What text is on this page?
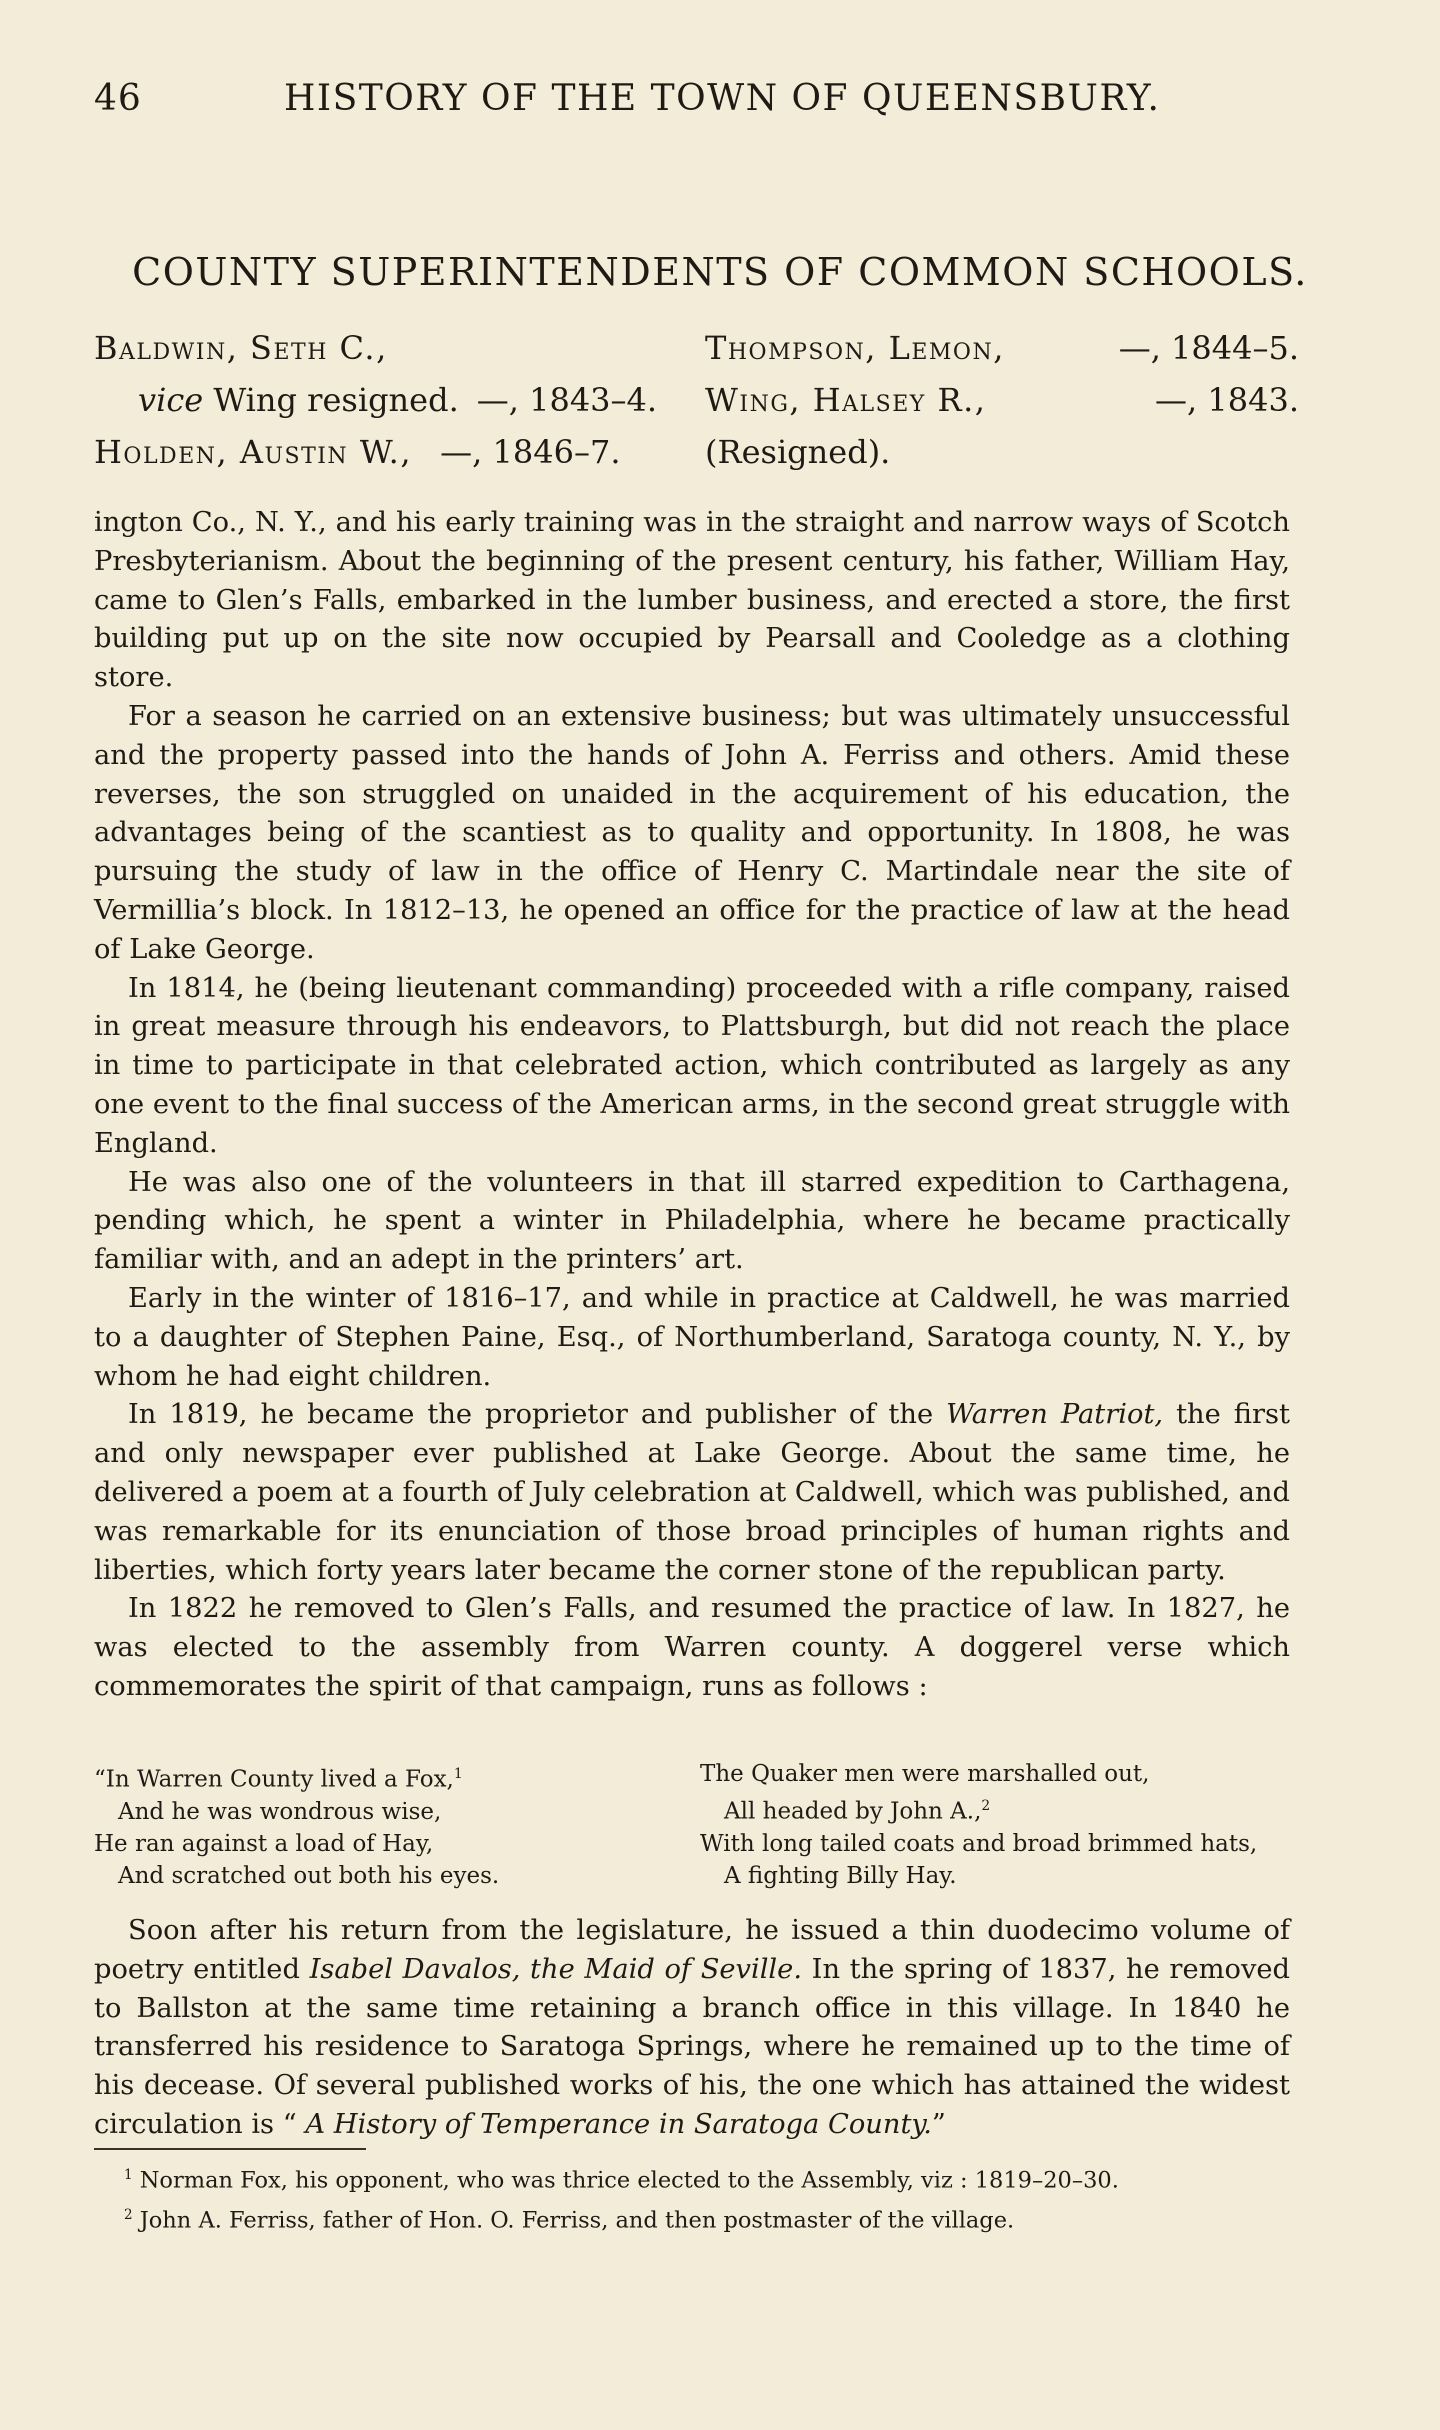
46	HISTORY OF THE TOWN OF QUEENSBURY.
COUNTY SUPERINTENDENTS OF COMMON SCHOOLS.
Baldwin, Seth C.,
vice Wing resigned. —, 1843–4.
Holden, Austin W., —, 1846–7.
Thompson, Lemon,	—, 1844–5.
Wing, Halsey R.,	—, 1843.
(Resigned).

ington Co., N. Y., and his early training was in the straight and narrow ways of Scotch Presbyterianism. About the beginning of the present century, his father, William Hay, came to Glen’s Falls, embarked in the lumber business, and erected a store, the first building put up on the site now occupied by Pearsall and Cooledge as a clothing store.

For a season he carried on an extensive business; but was ultimately unsuccessful and the property passed into the hands of John A. Ferriss and others. Amid these reverses, the son struggled on unaided in the acquirement of his education, the advantages being of the scantiest as to quality and opportunity. In 1808, he was pursuing the study of law in the office of Henry C. Martindale near the site of Vermillia’s block. In 1812–13, he opened an office for the practice of law at the head of Lake George.

In 1814, he (being lieutenant commanding) proceeded with a rifle company, raised in great measure through his endeavors, to Plattsburgh, but did not reach the place in time to participate in that celebrated action, which contributed as largely as any one event to the final success of the American arms, in the second great struggle with England.

He was also one of the volunteers in that ill starred expedition to Carthagena, pending which, he spent a winter in Philadelphia, where he became practically familiar with, and an adept in the printers’ art.

Early in the winter of 1816–17, and while in practice at Caldwell, he was married to a daughter of Stephen Paine, Esq., of Northumberland, Saratoga county, N. Y., by whom he had eight children.

In 1819, he became the proprietor and publisher of the Warren Patriot, the first and only newspaper ever published at Lake George. About the same time, he delivered a poem at a fourth of July celebration at Caldwell, which was published, and was remarkable for its enunciation of those broad principles of human rights and liberties, which forty years later became the corner stone of the republican party.

In 1822 he removed to Glen’s Falls, and resumed the practice of law. In 1827, he was elected to the assembly from Warren county. A doggerel verse which commemorates the spirit of that campaign, runs as follows :

“In Warren County lived a Fox,$^1$
And he was wondrous wise,
He ran against a load of Hay,
And scratched out both his eyes.
The Quaker men were marshalled out,
All headed by John A.,$^2$
With long tailed coats and broad brimmed hats,
A fighting Billy Hay.

Soon after his return from the legislature, he issued a thin duodecimo volume of poetry entitled Isabel Davalos, the Maid of Seville. In the spring of 1837, he removed to Ballston at the same time retaining a branch office in this village. In 1840 he transferred his residence to Saratoga Springs, where he remained up to the time of his decease. Of several published works of his, the one which has attained the widest circulation is “ A History of Temperance in Saratoga County.”

$^1$ Norman Fox, his opponent, who was thrice elected to the Assembly, viz : 1819–20–30.
$^2$ John A. Ferriss, father of Hon. O. Ferriss, and then postmaster of the village.
